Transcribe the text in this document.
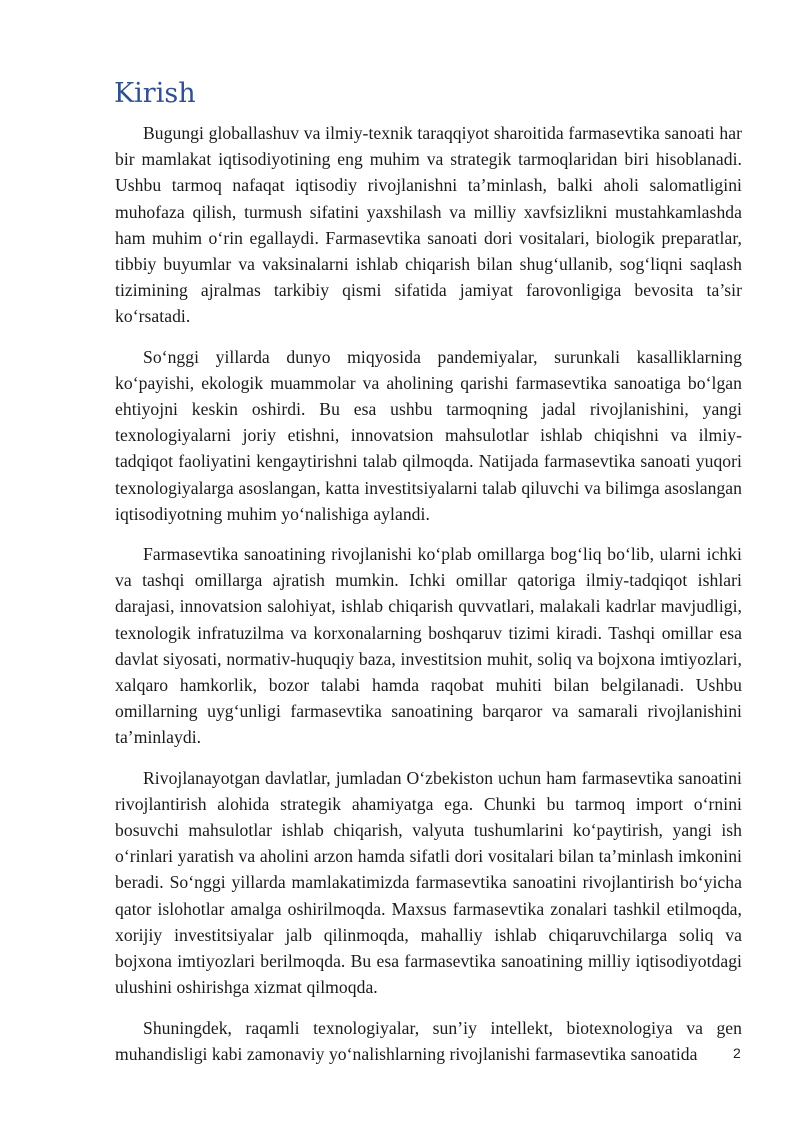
Kirish

Bugungi globallashuv va ilmiy-texnik taraqqiyot sharoitida farmasevtika sanoati har bir mamlakat iqtisodiyotining eng muhim va strategik tarmoqlaridan biri hisoblanadi. Ushbu tarmoq nafaqat iqtisodiy rivojlanishni ta’minlash, balki aholi salomatligini muhofaza qilish, turmush sifatini yaxshilash va milliy xavfsizlikni mustahkamlashda ham muhim o‘rin egallaydi. Farmasevtika sanoati dori vositalari, biologik preparatlar, tibbiy buyumlar va vaksinalarni ishlab chiqarish bilan shug‘ullanib, sog‘liqni saqlash tizimining ajralmas tarkibiy qismi sifatida jamiyat farovonligiga bevosita ta’sir ko‘rsatadi.

So‘nggi yillarda dunyo miqyosida pandemiyalar, surunkali kasalliklarning ko‘payishi, ekologik muammolar va aholining qarishi farmasevtika sanoatiga bo‘lgan ehtiyojni keskin oshirdi. Bu esa ushbu tarmoqning jadal rivojlanishini, yangi texnologiyalarni joriy etishni, innovatsion mahsulotlar ishlab chiqishni va ilmiy-tadqiqot faoliyatini kengaytirishni talab qilmoqda. Natijada farmasevtika sanoati yuqori texnologiyalarga asoslangan, katta investitsiyalarni talab qiluvchi va bilimga asoslangan iqtisodiyotning muhim yo‘nalishiga aylandi.

Farmasevtika sanoatining rivojlanishi ko‘plab omillarga bog‘liq bo‘lib, ularni ichki va tashqi omillarga ajratish mumkin. Ichki omillar qatoriga ilmiy-tadqiqot ishlari darajasi, innovatsion salohiyat, ishlab chiqarish quvvatlari, malakali kadrlar mavjudligi, texnologik infratuzilma va korxonalarning boshqaruv tizimi kiradi. Tashqi omillar esa davlat siyosati, normativ-huquqiy baza, investitsion muhit, soliq va bojxona imtiyozlari, xalqaro hamkorlik, bozor talabi hamda raqobat muhiti bilan belgilanadi. Ushbu omillarning uyg‘unligi farmasevtika sanoatining barqaror va samarali rivojlanishini ta’minlaydi.

Rivojlanayotgan davlatlar, jumladan O‘zbekiston uchun ham farmasevtika sanoatini rivojlantirish alohida strategik ahamiyatga ega. Chunki bu tarmoq import o‘rnini bosuvchi mahsulotlar ishlab chiqarish, valyuta tushumlarini ko‘paytirish, yangi ish o‘rinlari yaratish va aholini arzon hamda sifatli dori vositalari bilan ta’minlash imkonini beradi. So‘nggi yillarda mamlakatimizda farmasevtika sanoatini rivojlantirish bo‘yicha qator islohotlar amalga oshirilmoqda. Maxsus farmasevtika zonalari tashkil etilmoqda, xorijiy investitsiyalar jalb qilinmoqda, mahalliy ishlab chiqaruvchilarga soliq va bojxona imtiyozlari berilmoqda. Bu esa farmasevtika sanoatining milliy iqtisodiyotdagi ulushini oshirishga xizmat qilmoqda.

Shuningdek, raqamli texnologiyalar, sun’iy intellekt, biotexnologiya va gen muhandisligi kabi zamonaviy yo‘nalishlarning rivojlanishi farmasevtika sanoatida	2
